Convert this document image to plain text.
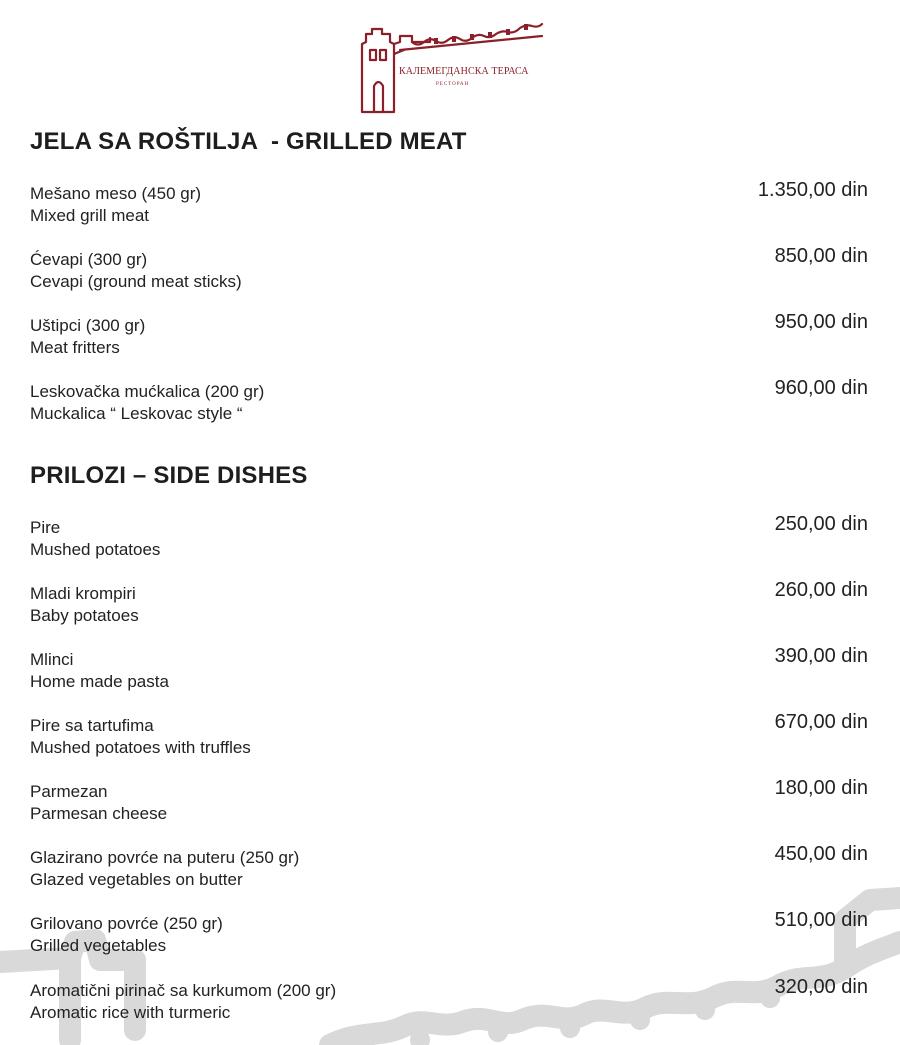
КАЛЕМЕГДАНСКА ТЕРАСА

РЕСТОРАН

JELA SA ROŠTILJA  - GRILLED MEAT
Mešano meso (450 gr)
Mixed grill meat
1.350,00 din
Ćevapi (300 gr)
Cevapi (ground meat sticks)
850,00 din
Uštipci (300 gr)
Meat fritters
950,00 din
Leskovačka mućkalica (200 gr)
Muckalica “ Leskovac style “
960,00 din
PRILOZI – SIDE DISHES
Pire
Mushed potatoes
250,00 din
Mladi krompiri
Baby potatoes
260,00 din
Mlinci
Home made pasta
390,00 din
Pire sa tartufima
Mushed potatoes with truffles
670,00 din
Parmezan
Parmesan cheese
180,00 din
Glazirano povrće na puteru (250 gr)
Glazed vegetables on butter
450,00 din
Grilovano povrće (250 gr)
Grilled vegetables
510,00 din
Aromatični pirinač sa kurkumom (200 gr)
Aromatic rice with turmeric
320,00 din
